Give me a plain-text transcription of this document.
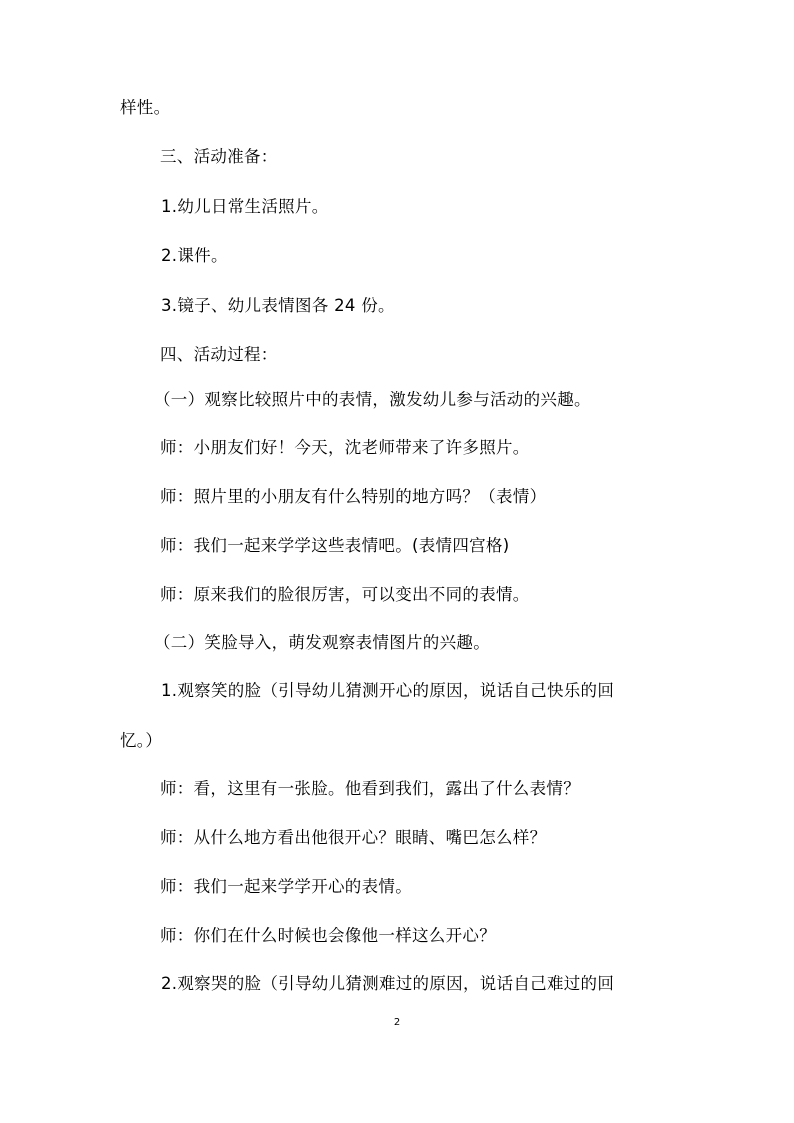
样性。
三、活动准备：
1.幼儿日常生活照片。
2.课件。
3.镜子、幼儿表情图各 24 份。
四、活动过程：
（一）观察比较照片中的表情，激发幼儿参与活动的兴趣。
师：小朋友们好！今天，沈老师带来了许多照片。
师：照片里的小朋友有什么特别的地方吗？（表情）
师：我们一起来学学这些表情吧。(表情四宫格)
师：原来我们的脸很厉害，可以变出不同的表情。
（二）笑脸导入，萌发观察表情图片的兴趣。
1.观察笑的脸（引导幼儿猜测开心的原因，说话自己快乐的回
忆。）
师：看，这里有一张脸。他看到我们，露出了什么表情？
师：从什么地方看出他很开心？眼睛、嘴巴怎么样？
师：我们一起来学学开心的表情。
师：你们在什么时候也会像他一样这么开心？
2.观察哭的脸（引导幼儿猜测难过的原因，说话自己难过的回
2
